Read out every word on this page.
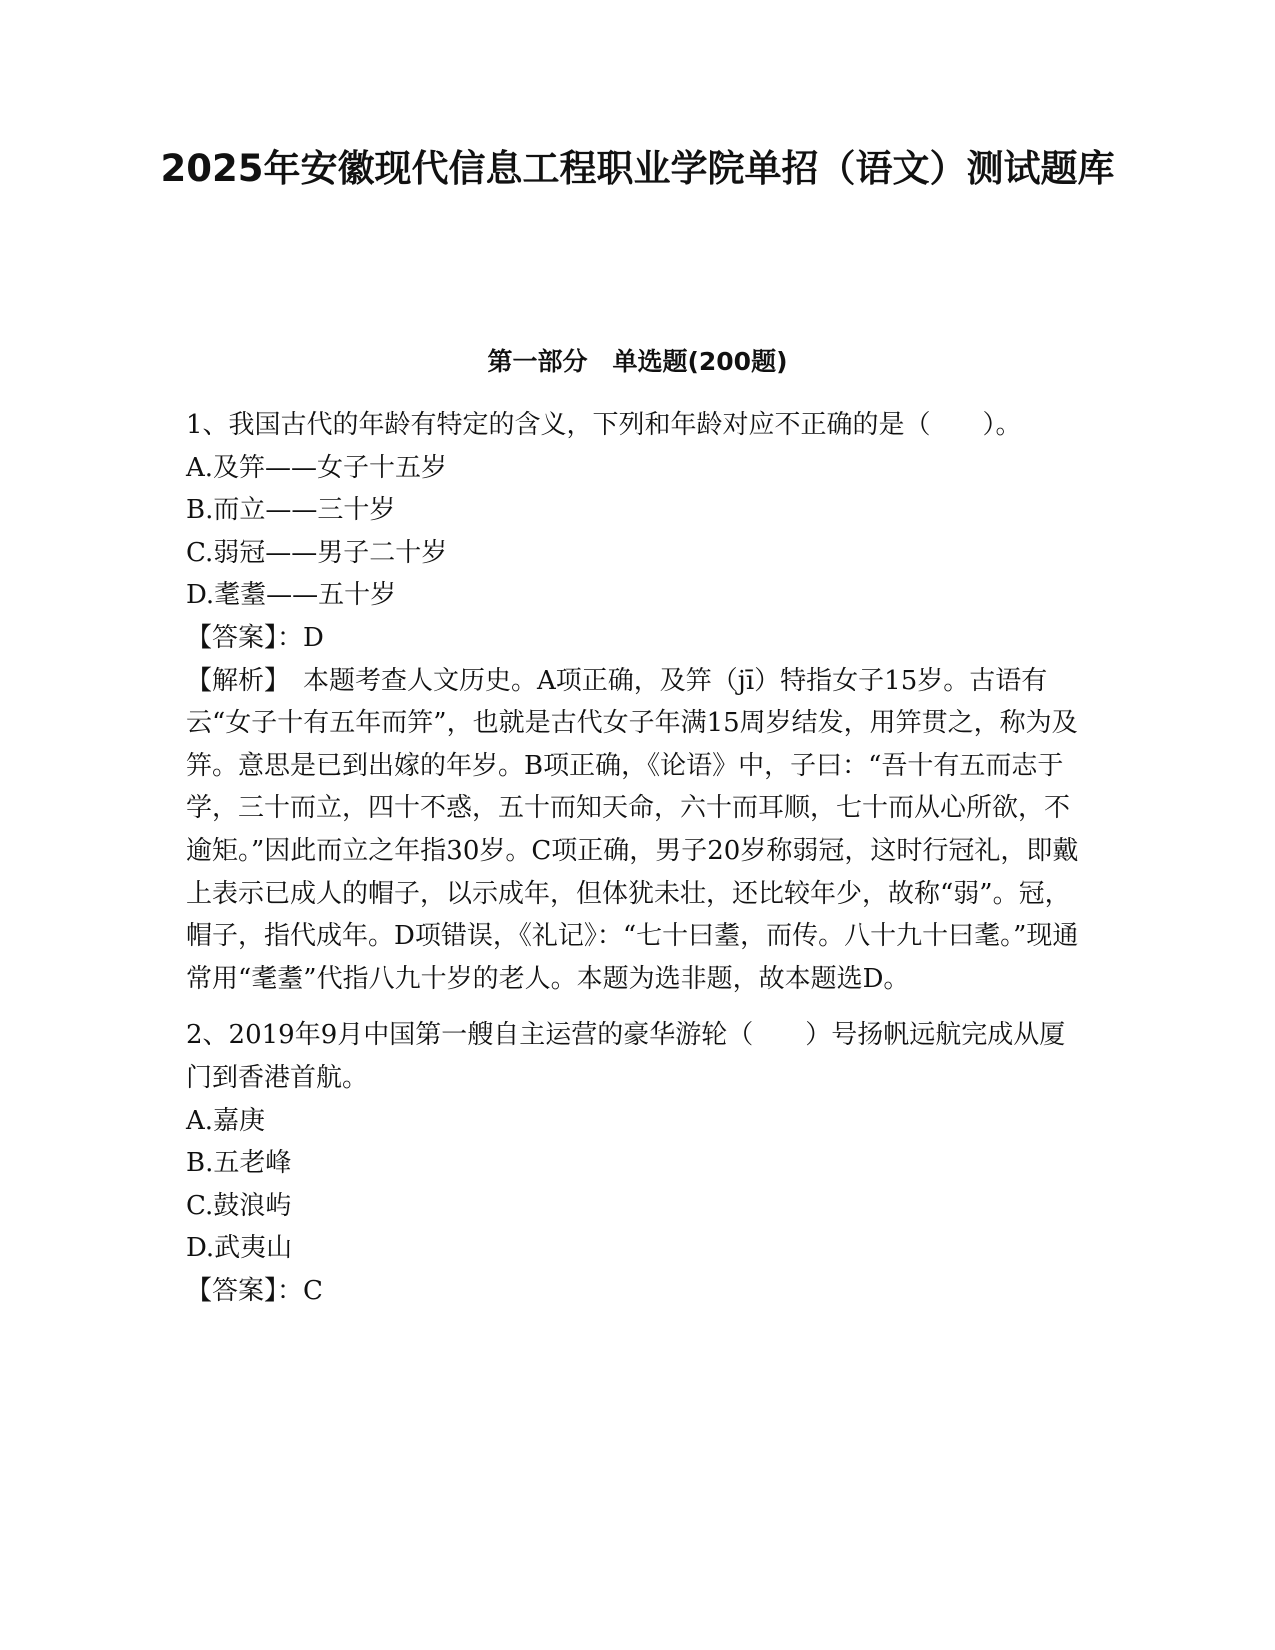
2025年安徽现代信息工程职业学院单招（语文）测试题库
第一部分　单选题(200题)

1、我国古代的年龄有特定的含义，下列和年龄对应不正确的是（　　）。

A.及笄——女子十五岁

B.而立——三十岁

C.弱冠——男子二十岁

D.耄耋——五十岁

【答案】：D

【解析】　本题考查人文历史。A项正确，及笄（jī）特指女子15岁。古语有云“女子十有五年而笄”，也就是古代女子年满15周岁结发，用笄贯之，称为及笄。意思是已到出嫁的年岁。B项正确，《论语》中，子曰：“吾十有五而志于学，三十而立，四十不惑，五十而知天命，六十而耳顺，七十而从心所欲，不逾矩。”因此而立之年指30岁。C项正确，男子20岁称弱冠，这时行冠礼，即戴上表示已成人的帽子，以示成年，但体犹未壮，还比较年少，故称“弱”。冠，帽子，指代成年。D项错误，《礼记》：“七十曰耋，而传。八十九十曰耄。”现通常用“耄耋”代指八九十岁的老人。本题为选非题，故本题选D。

2、2019年9月中国第一艘自主运营的豪华游轮（　　）号扬帆远航完成从厦门到香港首航。

A.嘉庚

B.五老峰

C.鼓浪屿

D.武夷山

【答案】：C
